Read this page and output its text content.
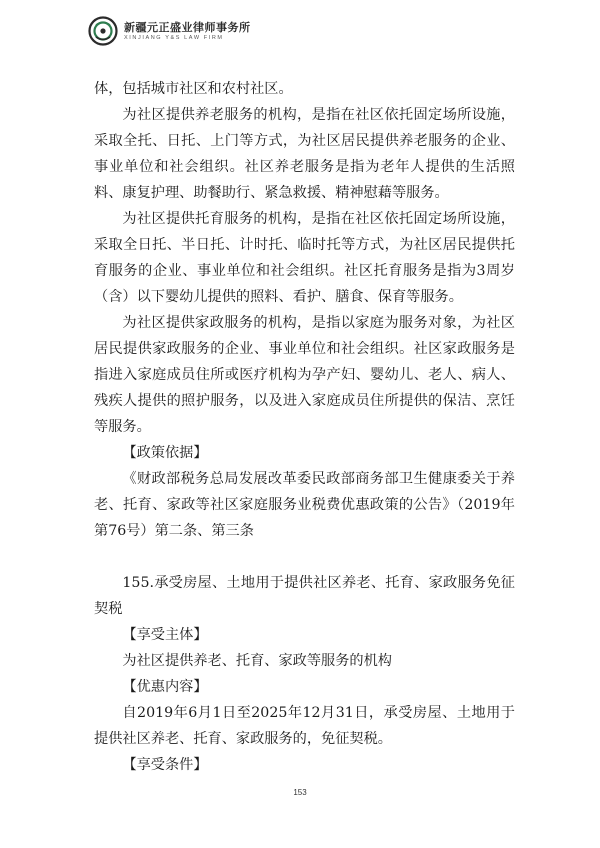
新疆元正盛业律师事务所
XINJIANG Y&S LAW FIRM

体，包括城市社区和农村社区。

为社区提供养老服务的机构，是指在社区依托固定场所设施，采取全托、日托、上门等方式，为社区居民提供养老服务的企业、事业单位和社会组织。社区养老服务是指为老年人提供的生活照料、康复护理、助餐助行、紧急救援、精神慰藉等服务。

为社区提供托育服务的机构，是指在社区依托固定场所设施，采取全日托、半日托、计时托、临时托等方式，为社区居民提供托育服务的企业、事业单位和社会组织。社区托育服务是指为3周岁（含）以下婴幼儿提供的照料、看护、膳食、保育等服务。

为社区提供家政服务的机构，是指以家庭为服务对象，为社区居民提供家政服务的企业、事业单位和社会组织。社区家政服务是指进入家庭成员住所或医疗机构为孕产妇、婴幼儿、老人、病人、残疾人提供的照护服务，以及进入家庭成员住所提供的保洁、烹饪等服务。

【政策依据】

《财政部税务总局发展改革委民政部商务部卫生健康委关于养老、托育、家政等社区家庭服务业税费优惠政策的公告》（2019年第76号）第二条、第三条

155.承受房屋、土地用于提供社区养老、托育、家政服务免征契税

【享受主体】

为社区提供养老、托育、家政等服务的机构

【优惠内容】

自2019年6月1日至2025年12月31日，承受房屋、土地用于提供社区养老、托育、家政服务的，免征契税。

【享受条件】

153
